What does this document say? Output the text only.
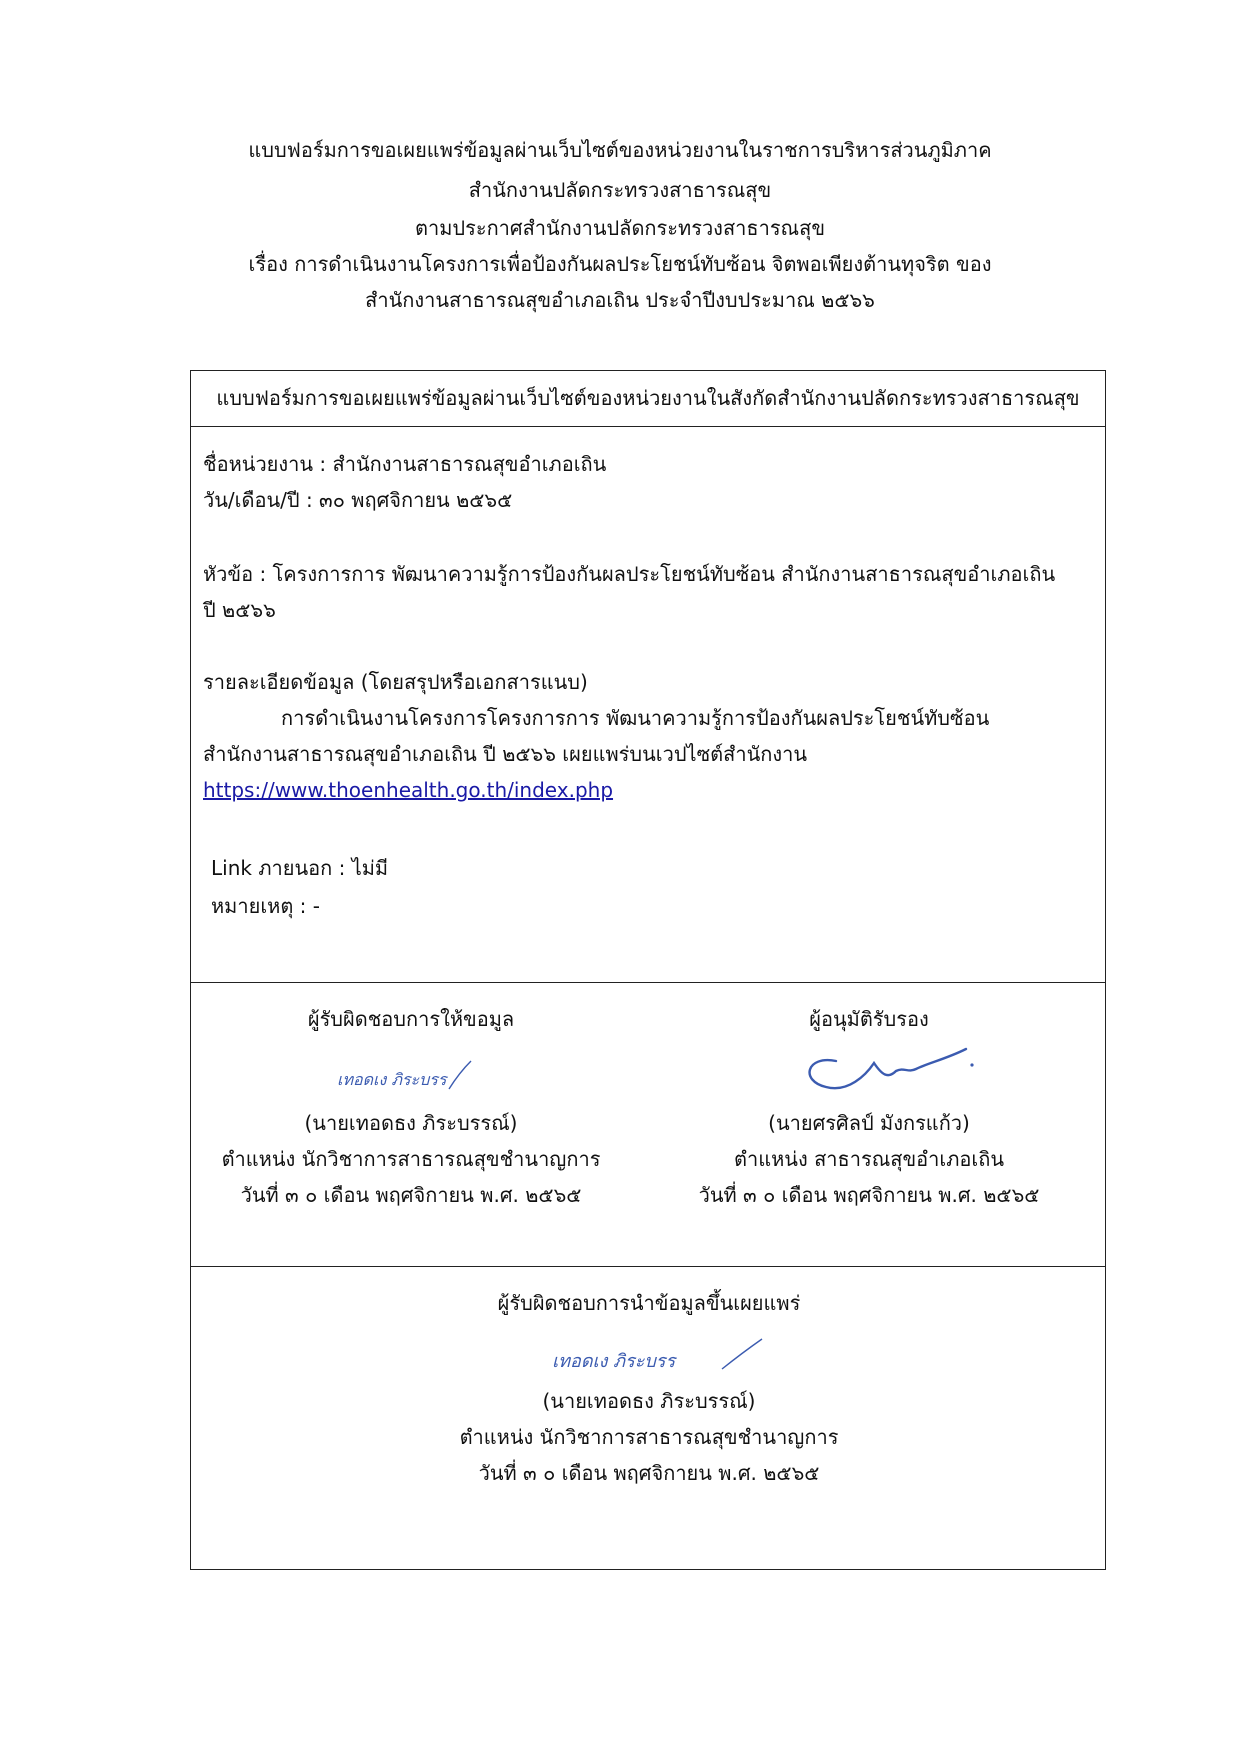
แบบฟอร์มการขอเผยแพร่ข้อมูลผ่านเว็บไซต์ของหน่วยงานในราชการบริหารส่วนภูมิภาค
สำนักงานปลัดกระทรวงสาธารณสุข
ตามประกาศสำนักงานปลัดกระทรวงสาธารณสุข
เรื่อง การดำเนินงานโครงการเพื่อป้องกันผลประโยชน์ทับซ้อน จิตพอเพียงต้านทุจริต ของ
สำนักงานสาธารณสุขอำเภอเถิน ประจำปีงบประมาณ ๒๕๖๖
แบบฟอร์มการขอเผยแพร่ข้อมูลผ่านเว็บไซต์ของหน่วยงานในสังกัดสำนักงานปลัดกระทรวงสาธารณสุข
ชื่อหน่วยงาน : สำนักงานสาธารณสุขอำเภอเถิน
วัน/เดือน/ปี : ๓๐ พฤศจิกายน ๒๕๖๕
หัวข้อ : โครงการการ พัฒนาความรู้การป้องกันผลประโยชน์ทับซ้อน สำนักงานสาธารณสุขอำเภอเถิน
ปี ๒๕๖๖
รายละเอียดข้อมูล (โดยสรุปหรือเอกสารแนบ)
การดำเนินงานโครงการโครงการการ พัฒนาความรู้การป้องกันผลประโยชน์ทับซ้อน
สำนักงานสาธารณสุขอำเภอเถิน ปี ๒๕๖๖ เผยแพร่บนเวปไซต์สำนักงาน
https://www.thoenhealth.go.th/index.php
Link ภายนอก : ไม่มี
หมายเหตุ : -
ผู้รับผิดชอบการให้ขอมูล
เทอดเง ภิระบรร
(นายเทอดธง ภิระบรรณ์)
ตำแหน่ง นักวิชาการสาธารณสุขชำนาญการ
วันที่ ๓ ๐ เดือน พฤศจิกายน พ.ศ. ๒๕๖๕
ผู้อนุมัติรับรอง
(นายศรศิลป์ มังกรแก้ว)
ตำแหน่ง สาธารณสุขอำเภอเถิน
วันที่ ๓ ๐ เดือน พฤศจิกายน พ.ศ. ๒๕๖๕
ผู้รับผิดชอบการนำข้อมูลขึ้นเผยแพร่
เทอดเง ภิระบรร
(นายเทอดธง ภิระบรรณ์)
ตำแหน่ง นักวิชาการสาธารณสุขชำนาญการ
วันที่ ๓ ๐ เดือน พฤศจิกายน พ.ศ. ๒๕๖๕
